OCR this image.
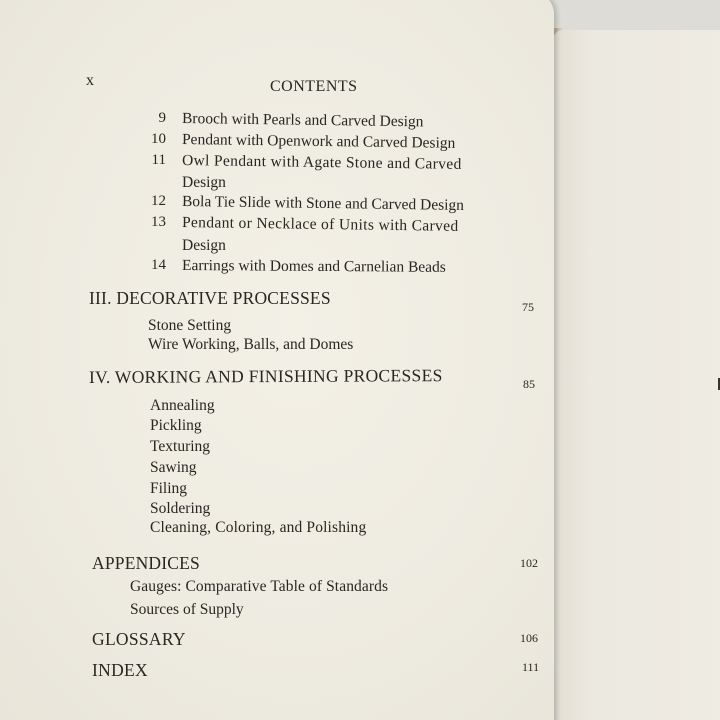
x	CONTENTS
9 Brooch with Pearls and Carved Design
10 Pendant with Openwork and Carved Design
11 Owl Pendant with Agate Stone and Carved
Design
12 Bola Tie Slide with Stone and Carved Design
13 Pendant or Necklace of Units with Carved
Design
14 Earrings with Domes and Carnelian Beads
III. DECORATIVE PROCESSES	75
Stone Setting
Wire Working, Balls, and Domes
IV. WORKING AND FINISHING PROCESSES	85
Annealing
Pickling
Texturing
Sawing
Filing
Soldering
Cleaning, Coloring, and Polishing
APPENDICES	102
Gauges: Comparative Table of Standards
Sources of Supply
GLOSSARY	106
INDEX	111
